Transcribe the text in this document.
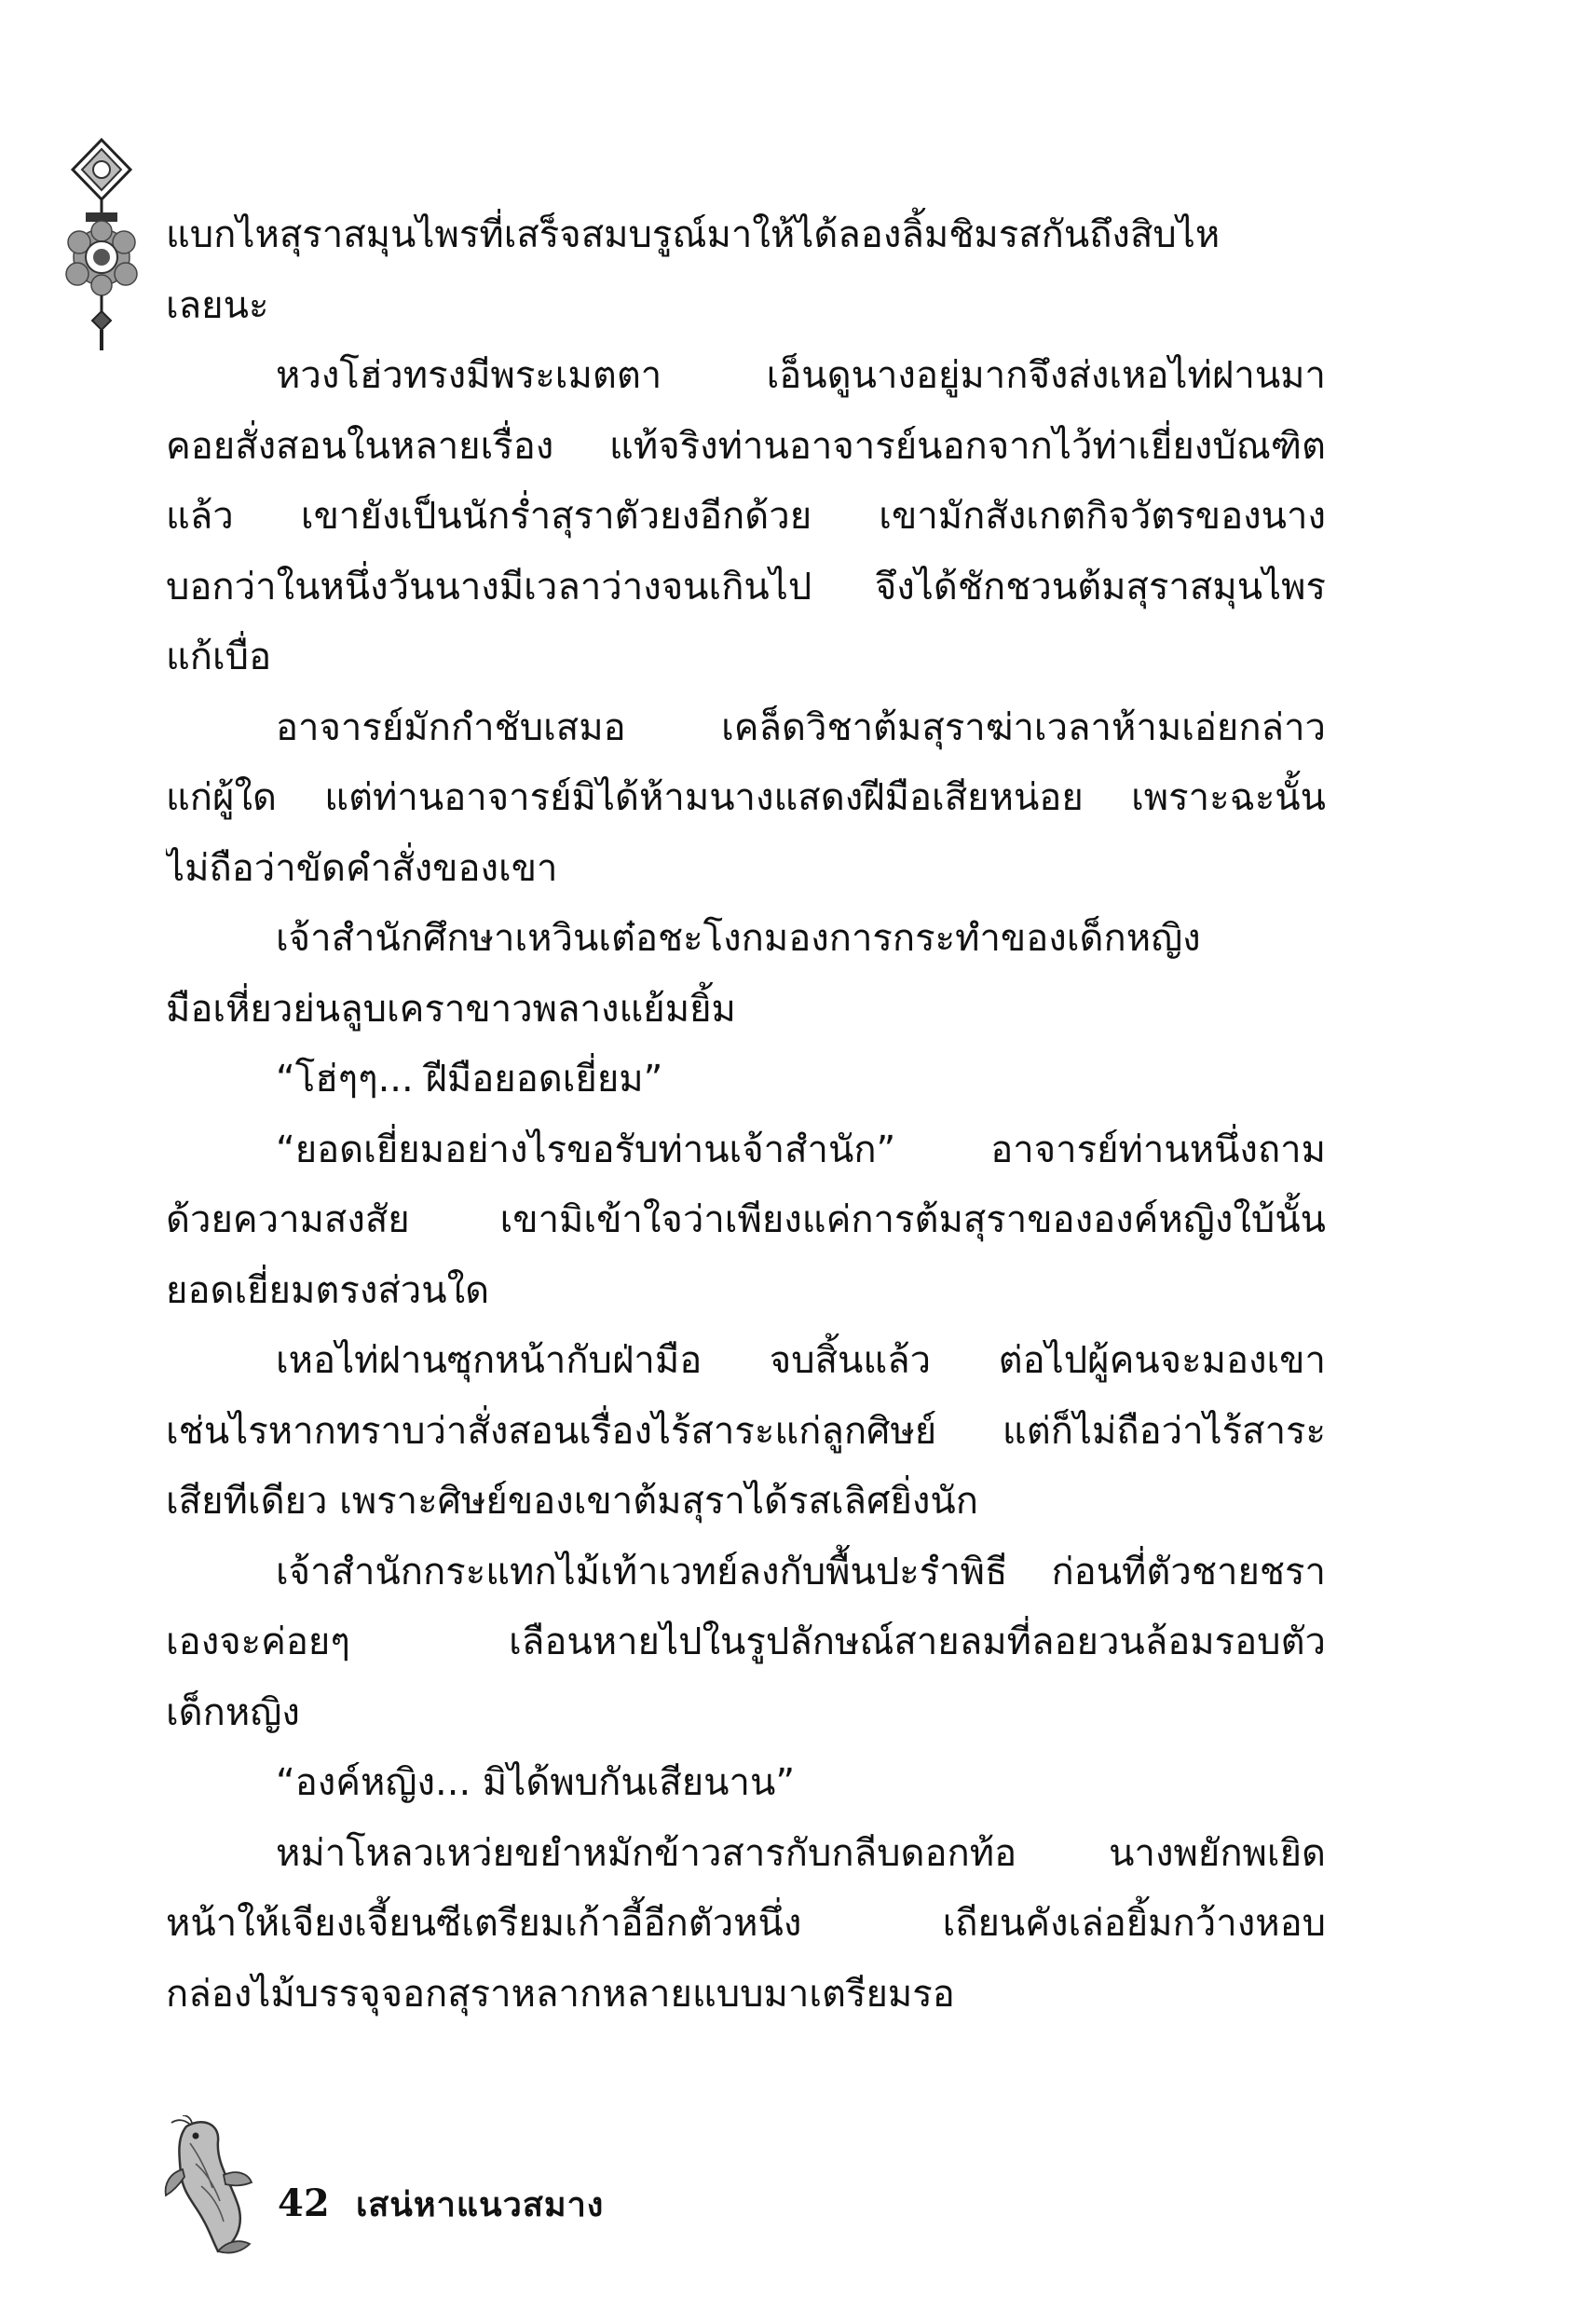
แบกไหสุราสมุนไพรที่เสร็จสมบรูณ์มาให้ได้ลองลิ้มชิมรสกันถึงสิบไห
เลยนะ
หวงโฮ่วทรงมีพระเมตตา เอ็นดูนางอยู่มากจึงส่งเหอไท่ฝานมา
คอยสั่งสอนในหลายเรื่อง แท้จริงท่านอาจารย์นอกจากไว้ท่าเยี่ยงบัณฑิต
แล้ว เขายังเป็นนักร่ำสุราตัวยงอีกด้วย เขามักสังเกตกิจวัตรของนาง
บอกว่าในหนึ่งวันนางมีเวลาว่างจนเกินไป จึงได้ชักชวนต้มสุราสมุนไพร
แก้เบื่อ
อาจารย์มักกำชับเสมอ เคล็ดวิชาต้มสุราฆ่าเวลาห้ามเอ่ยกล่าว
แก่ผู้ใด แต่ท่านอาจารย์มิได้ห้ามนางแสดงฝีมือเสียหน่อย เพราะฉะนั้น
ไม่ถือว่าขัดคำสั่งของเขา
เจ้าสำนักศึกษาเหวินเต๋อชะโงกมองการกระทำของเด็กหญิง
มือเหี่ยวย่นลูบเคราขาวพลางแย้มยิ้ม
“โฮ่ๆๆ... ฝีมือยอดเยี่ยม”
“ยอดเยี่ยมอย่างไรขอรับท่านเจ้าสำนัก” อาจารย์ท่านหนึ่งถาม
ด้วยความสงสัย เขามิเข้าใจว่าเพียงแค่การต้มสุราขององค์หญิงใบ้นั้น
ยอดเยี่ยมตรงส่วนใด
เหอไท่ฝานซุกหน้ากับฝ่ามือ จบสิ้นแล้ว ต่อไปผู้คนจะมองเขา
เช่นไรหากทราบว่าสั่งสอนเรื่องไร้สาระแก่ลูกศิษย์ แต่ก็ไม่ถือว่าไร้สาระ
เสียทีเดียว เพราะศิษย์ของเขาต้มสุราได้รสเลิศยิ่งนัก
เจ้าสำนักกระแทกไม้เท้าเวทย์ลงกับพื้นปะรำพิธี ก่อนที่ตัวชายชรา
เองจะค่อยๆ เลือนหายไปในรูปลักษณ์สายลมที่ลอยวนล้อมรอบตัว
เด็กหญิง
“องค์หญิง... มิได้พบกันเสียนาน”
หม่าโหลวเหว่ยขยำหมักข้าวสารกับกลีบดอกท้อ นางพยักพเยิด
หน้าให้เจียงเจี้ยนซีเตรียมเก้าอี้อีกตัวหนึ่ง เถียนคังเล่อยิ้มกว้างหอบ
กล่องไม้บรรจุจอกสุราหลากหลายแบบมาเตรียมรอ
42 เสน่หาแนวสมาง
